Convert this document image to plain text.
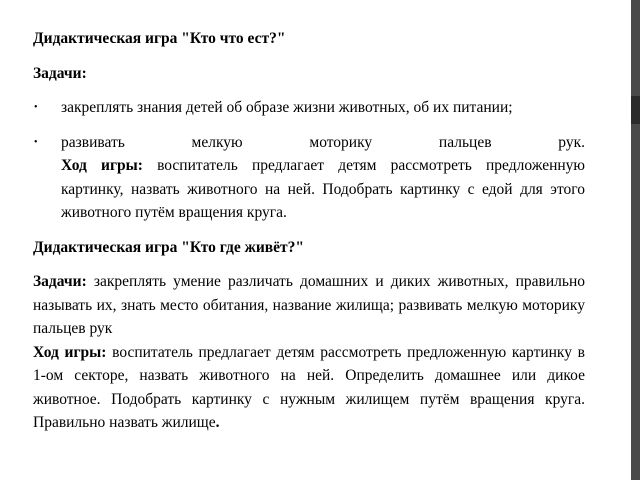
Дидактическая игра "Кто что ест?"

Задачи:

• закреплять знания детей об образе жизни животных, об их питании;
• развивать мелкую моторику пальцев рук.
Ход игры: воспитатель предлагает детям рассмотреть предложенную картинку, назвать животного на ней. Подобрать картинку с едой для этого животного путём вращения круга.

Дидактическая игра "Кто где живёт?"

Задачи: закреплять умение различать домашних и диких животных, правильно называть их, знать место обитания, название жилища; развивать мелкую моторику пальцев рук

Ход игры: воспитатель предлагает детям рассмотреть предложенную картинку в 1-ом секторе, назвать животного на ней. Определить домашнее или дикое животное. Подобрать картинку с нужным жилищем путём вращения круга. Правильно назвать жилище.
